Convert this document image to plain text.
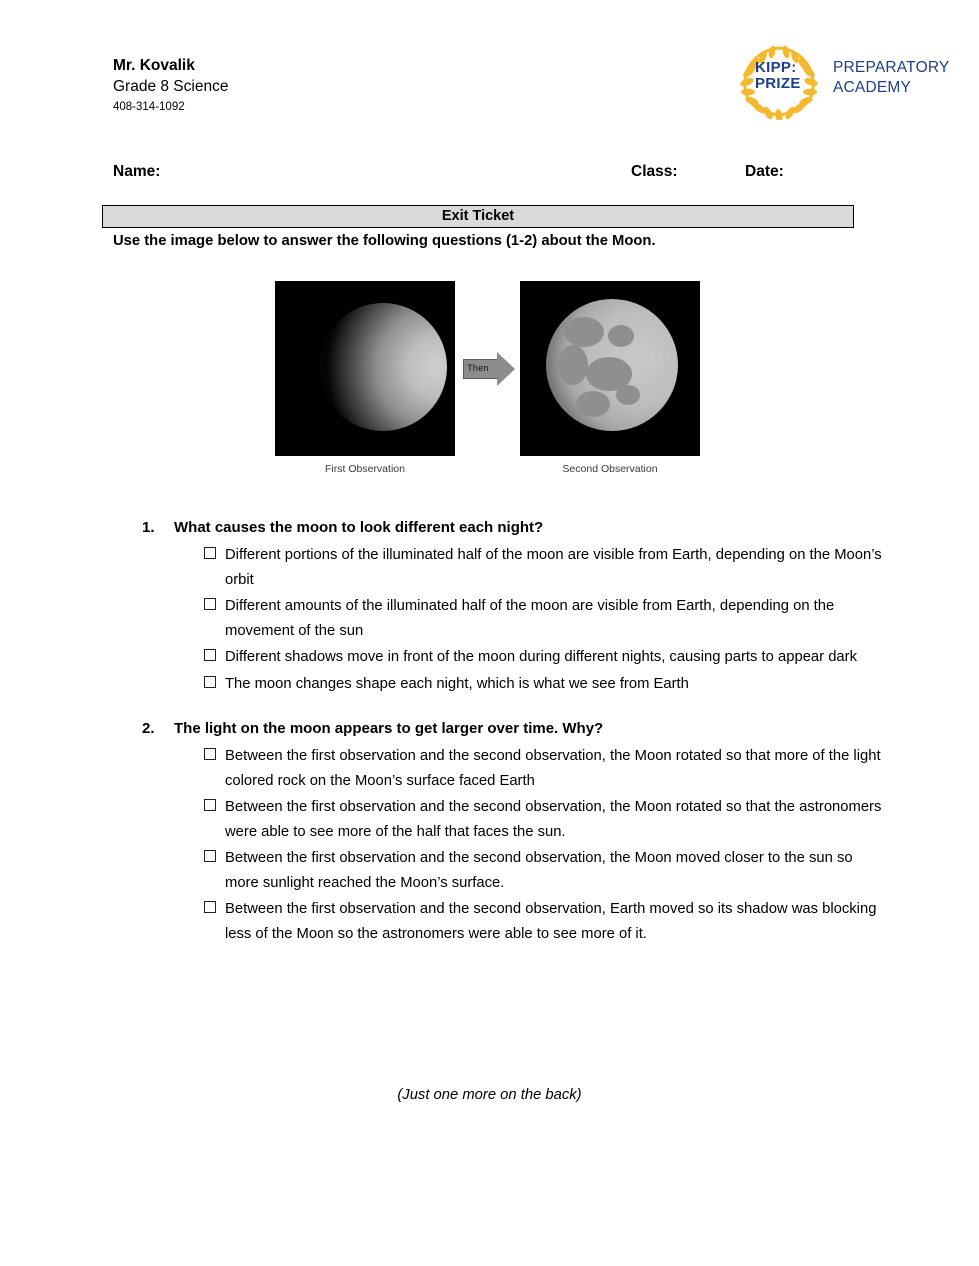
Mr. Kovalik
Grade 8 Science
408-314-1092
KIPP:
PRIZE
PREPARATORY
ACADEMY
Name:	Class:	Date:
Exit Ticket
Use the image below to answer the following questions (1-2) about the Moon.
Then
First Observation	Second Observation
1.	What causes the moon to look different each night?
Different portions of the illuminated half of the moon are visible from Earth, depending on the Moon’s orbit
Different amounts of the illuminated half of the moon are visible from Earth, depending on the movement of the sun
Different shadows move in front of the moon during different nights, causing parts to appear dark
The moon changes shape each night, which is what we see from Earth
2.	The light on the moon appears to get larger over time. Why?
Between the first observation and the second observation, the Moon rotated so that more of the light colored rock on the Moon’s surface faced Earth
Between the first observation and the second observation, the Moon rotated so that the astronomers were able to see more of the half that faces the sun.
Between the first observation and the second observation, the Moon moved closer to the sun so more sunlight reached the Moon’s surface.
Between the first observation and the second observation, Earth moved so its shadow was blocking less of the Moon so the astronomers were able to see more of it.
(Just one more on the back)
